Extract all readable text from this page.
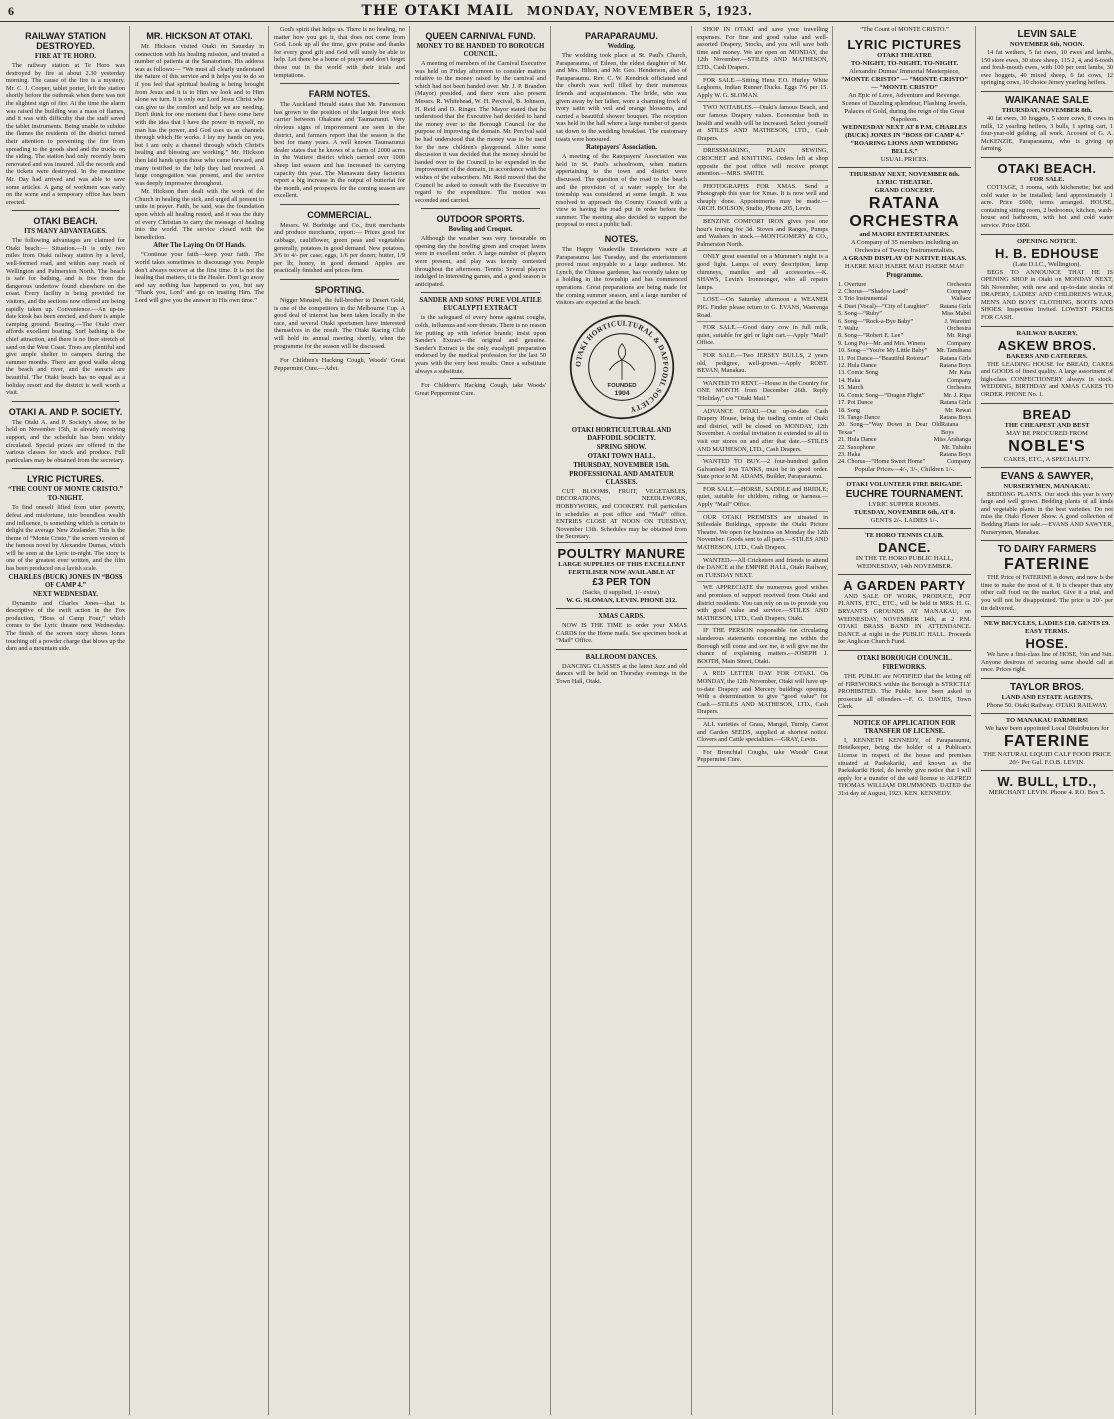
6	THE OTAKI MAIL MONDAY, NOVEMBER 5, 1923.
RAILWAY STATION DESTROYED.
FIRE AT TE HORO.

The railway station at Te Horo was destroyed by fire at about 2.30 yesterday morning. The cause of the fire is a mystery. Mr. C. J. Cooper, tablet porter, left the station shortly before the outbreak when there was not the slightest sign of fire. At the time the alarm was raised the building was a mass of flames, and it was with difficulty that the staff saved the tablet instruments. Being unable to subdue the flames the residents of the district turned their attention to preventing the fire from spreading to the goods shed and the trucks on the siding. The station had only recently been renovated and was insured. All the records and the tickets were destroyed. In the meantime Mr. Day had arrived and was able to save some articles. A gang of workmen was early on the scene and a temporary office has been erected.

OTAKI BEACH.
ITS MANY ADVANTAGES.

The following advantages are claimed for Otaki beach:— Situation.—It is only two miles from Otaki railway station by a level, well-formed road, and within easy reach of Wellington and Palmerston North. The beach is safe for bathing, and is free from the dangerous undertow found elsewhere on the coast. Every facility is being provided for visitors, and the sections now offered are being rapidly taken up. Convenience.—An up-to-date kiosk has been erected, and there is ample camping ground. Boating.—The Otaki river affords excellent boating. Surf bathing is the chief attraction, and there is no finer stretch of sand on the West Coast. Trees are plentiful and give ample shelter to campers during the summer months. There are good walks along the beach and river, and the sunsets are beautiful. The Otaki beach has no equal as a holiday resort and the district is well worth a visit.

OTAKI A. AND P. SOCIETY.

The Otaki A. and P. Society's show, to be held on November 15th, is already receiving support, and the schedule has been widely circulated. Special prizes are offered in the various classes for stock and produce. Full particulars may be obtained from the secretary.

LYRIC PICTURES.
“THE COUNT OF MONTE CRISTO.”
TO-NIGHT.

To find oneself lifted from utter poverty, defeat and misfortune, into boundless wealth and influence, is something which is certain to delight the average New Zealander. This is the theme of “Monte Cristo,” the screen version of the famous novel by Alexandre Dumas, which will be seen at the Lyric to-night. The story is one of the greatest ever written, and the film has been produced on a lavish scale.

CHARLES (BUCK) JONES IN “BOSS OF CAMP 4.”
NEXT WEDNESDAY.

Dynamite and Charles Jones—that is descriptive of the swift action in the Fox production, “Boss of Camp Four,” which comes to the Lyric theatre next Wednesday. The finish of the screen story shows Jones touching off a powder charge that blows up the dam and a mountain side.

MR. HICKSON AT OTAKI.

Mr. Hickson visited Otaki on Saturday in connection with his healing mission, and treated a number of patients at the Sanatorium. His address was as follows:— “We must all clearly understand the nature of this service and it helps you to do so if you feel that spiritual healing is being brought from Jesus and it is to Him we look and to Him alone we turn. It is only our Lord Jesus Christ who can give us the comfort and help we are needing. Don't think for one moment that I have come here with the idea that I have the power in myself, no man has the power, and God uses us as channels through which He works. I lay my hands on you, but I am only a channel through which Christ's healing and blessing are working.” Mr. Hickson then laid hands upon those who came forward, and many testified to the help they had received. A large congregation was present, and the service was deeply impressive throughout.

Mr. Hickson then dealt with the work of the Church in healing the sick, and urged all present to unite in prayer. Faith, he said, was the foundation upon which all healing rested, and it was the duty of every Christian to carry the message of healing into the world. The service closed with the benediction.

After The Laying On Of Hands.

“Continue your faith—keep your faith. The world takes sometimes to discourage you. People don't always recover at the first time. It is not the healing that matters, it is the Healer. Don't go away and say nothing has happened to you, but say ‘Thank you, Lord’ and go on trusting Him. The Lord will give you the answer in His own time.”

God's spirit that helps us. There is no healing, no matter how you get it, that does not come from God. Look up all the time, give praise and thanks for every good gift and God will surely be able to help. Let there be a home of prayer and don't forget those out in the world with their trials and temptations.

FARM NOTES.

The Auckland Herald states that Mr. Parsonson has grown to the position of the largest live stock carrier between Ohakune and Taumarunui. Very obvious signs of improvement are seen in the district, and farmers report that the season is the best for many years. A well known Taumarunui dealer states that he knows of a farm of 2000 acres in the Waitere district which carried over 1000 sheep last season and has increased its carrying capacity this year. The Manawatu dairy factories report a big increase in the output of butterfat for the month, and prospects for the coming season are excellent.

COMMERCIAL.

Messrs. W. Burbidge and Co., fruit merchants and produce merchants, report:— Prices good for cabbage, cauliflower, green peas and vegetables generally, potatoes in good demand. New potatoes, 3/6 to 4/- per case; eggs, 1/6 per dozen; butter, 1/9 per lb; honey, in good demand. Apples are practically finished and prices firm.

SPORTING.

Nigger Minstrel, the full-brother to Desert Gold, is one of the competitors in the Melbourne Cup. A good deal of interest has been taken locally in the race, and several Otaki sportsmen have interested themselves in the result. The Otaki Racing Club will hold its annual meeting shortly, when the programme for the season will be discussed.

For Children's Hacking Cough, Woods' Great Peppermint Cure.—Advt.

QUEEN CARNIVAL FUND.
MONEY TO BE HANDED TO BOROUGH COUNCIL.

A meeting of members of the Carnival Executive was held on Friday afternoon to consider matters relative to the money raised by the carnival and which had not been handed over. Mr. J. P. Brandon (Mayor) presided, and there were also present Messrs. R. Whitehead, W. H. Percival, B. Johnson, H. Reid and D. Ringer. The Mayor stated that he understood that the Executive had decided to hand the money over to the Borough Council for the purpose of improving the domain. Mr. Percival said he had understood that the money was to be used for the new children's playground. After some discussion it was decided that the money should be handed over to the Council to be expended in the improvement of the domain, in accordance with the wishes of the subscribers. Mr. Reid moved that the Council be asked to consult with the Executive in regard to the expenditure. The motion was seconded and carried.

OUTDOOR SPORTS.
Bowling and Croquet.

Although the weather was very favourable on opening day the bowling green and croquet lawns were in excellent order. A large number of players were present, and play was keenly contested throughout the afternoon. Tennis: Several players indulged in interesting games, and a good season is anticipated.

SANDER AND SONS' PURE VOLATILE EUCALYPTI EXTRACT

is the safeguard of every home against coughs, colds, influenza and sore throats. There is no reason for putting up with inferior brands; insist upon Sander's Extract—the original and genuine. Sander's Extract is the only eucalypti preparation endorsed by the medical profession for the last 50 years with the very best results. Once a substitute always a substitute.

For Children's Hacking Cough, take Woods' Great Peppermint Cure.

PARAPARAUMU.
Wedding.

The wedding took place at St. Paul's Church, Paraparaumu, of Eileen, the eldest daughter of Mr. and Mrs. Hilton, and Mr. Geo. Henderson, also of Paraparaumu. Rev. C. W. Kendrick officiated and the church was well filled by their numerous friends and acquaintances. The bride, who was given away by her father, wore a charming frock of ivory satin with veil and orange blossoms, and carried a beautiful shower bouquet. The reception was held in the hall where a large number of guests sat down to the wedding breakfast. The customary toasts were honoured.

Ratepayers' Association.

A meeting of the Ratepayers' Association was held in St. Paul's schoolroom, when matters appertaining to the town and district were discussed. The question of the road to the beach and the provision of a water supply for the township was considered at some length. It was resolved to approach the County Council with a view to having the road put in order before the summer. The meeting also decided to support the proposal to erect a public hall.

NOTES.

The Happy Vaudeville Entertainers were at Paraparaumu last Tuesday, and the entertainment proved most enjoyable to a large audience. Mr. Lynch, the Chinese gardener, has recently taken up a holding in the township and has commenced operations. Great preparations are being made for the coming summer season, and a large number of visitors are expected at the beach.

OTAKI HORTICULTURAL & DAFFODIL SOCIETY
FOUNDED
1904
OTAKI HORTICULTURAL AND DAFFODIL SOCIETY.
SPRING SHOW.
OTAKI TOWN HALL.
THURSDAY, NOVEMBER 15th.
PROFESSIONAL AND AMATEUR CLASSES.

CUT BLOOMS, FRUIT, VEGETABLES, DECORATIONS, NEEDLEWORK, HOBBYWORK, and COOKERY. Full particulars in schedules at post office and “Mail” office. ENTRIES CLOSE AT NOON ON TUESDAY, November 13th. Schedules may be obtained from the Secretary.

POULTRY MANURE
LARGE SUPPLIES OF THIS EXCELLENT FERTILISER NOW AVAILABLE AT
£3 PER TON
(Sacks, if supplied, 1/- extra).
W. G. SLOMAN, LEVIN. PHONE 212.
XMAS CARDS.

NOW IS THE TIME to order your XMAS CARDS for the Home mails. See specimen book at “Mail” Office.

BALLROOM DANCES.

DANCING CLASSES at the latest Jazz and old dances will be held on Thursday evenings in the Town Hall, Otaki.

SHOP IN OTAKI and save your travelling expenses. For fine and good value and well-assorted Drapery, Stocks, and you will save both time and money. We are open on MONDAY, the 12th November.—STILES AND MATHESON, LTD., Cash Drapers.

FOR SALE.—Sitting Hens F.O. Hurley White Leghorns, Indian Runner Ducks. Eggs 7/6 per 15. Apply W. G. SLOMAN.

TWO NOTABLES.—Otaki's famous Beach, and our famous Drapery values. Economise both in health and wealth will be increased. Select yourself at STILES AND MATHESON, LTD., Cash Drapers.

DRESSMAKING, PLAIN SEWING, CROCHET and KNITTING. Orders left at shop opposite the post office will receive prompt attention.—MRS. SMITH.

PHOTOGRAPHS FOR XMAS. Send a Photograph this year for Xmas. It is now well and cheaply done. Appointments may be made.—ARCH. BOLSON, Studio, Phone 205, Levin.

BENZINE COMFORT IRON gives you one hour's ironing for 3d. Stoves and Ranges, Pumps and Washers in stock.—MONTGOMERY & CO., Palmerston North.

ONLY great essential on a Mummer's night is a good light. Lamps of every description, lamp chimneys, mantles and all accessories.—K. SHAWS, Levin's Ironmonger, who all repairs lamps.

LOST.—On Saturday afternoon a WEANER PIG. Finder please return to G. EVANS, Waerenga Road.

FOR SALE.—Good dairy cow in full milk, quiet, suitable for girl or light cart.—Apply “Mail” Office.

FOR SALE.—Two JERSEY BULLS, 2 years old, pedigree, well-grown.—Apply ROBT. BEVAN, Manakau.

WANTED TO RENT.—House in the Country for ONE MONTH from December 26th. Reply “Holiday,” c/o “Otaki Mail.”

ADVANCE OTAKI.—Our up-to-date Cash Drapery House, being the trading centre of Otaki and district, will be closed on MONDAY, 12th November. A cordial invitation is extended to all to visit our stores on and after that date.—STILES AND MATHESON, LTD., Cash Drapers.

WANTED TO BUY.—2 four-hundred gallon Galvanised iron TANKS, must be in good order. State price to M. ADAMS, Builder, Paraparaumu.

FOR SALE.—HORSE, SADDLE and BRIDLE; quiet, suitable for children, riding, or harness.—Apply “Mail” Office.

OUR OTAKI PREMISES are situated in Stilesdale Buildings, opposite the Otaki Picture Theatre. We open for business on Monday the 12th November. Goods sent to all parts.—STILES AND MATHESON, LTD., Cash Drapers.

WANTED.—All Cricketers and friends to attend the DANCE at the EMPIRE HALL, Otaki Railway, on TUESDAY NEXT.

WE APPRECIATE the numerous good wishes and promises of support received from Otaki and district residents. You can rely on us to provide you with good value and service.—STILES AND MATHESON, LTD., Cash Drapers, Otaki.

IF THE PERSON responsible for circulating slanderous statements concerning me within the Borough will come and see me, it will give me the chance of explaining matters.—JOSEPH J. BOOTH, Main Street, Otaki.

A RED LETTER DAY FOR OTAKI. On MONDAY, the 12th November, Otaki will have up-to-date Drapery and Mercery buildings opening. With a determination to give “good value” for Cash.—STILES AND MATHESON, LTD., Cash Drapers.

ALL varieties of Grass, Mangel, Turnip, Carrot and Garden SEEDS, supplied at shortest notice. Clovers and Cattle specialities.—GRAY, Levin.

For Bronchial Coughs, take Woods' Great Peppermint Cure.

“The Count of MONTE CRISTO.”
LYRIC PICTURES
OTAKI THEATRE
TO-NIGHT, TO-NIGHT, TO-NIGHT.
Alexandre Dumas' Immortal Masterpiece,
“MONTE CRISTO” — “MONTE CRISTO” — “MONTE CRISTO”
An Epic of Love, Adventure and Revenge.
Scenes of Dazzling splendour, Flashing Jewels, Palaces of Gold, during the reign of the Great Napoleon.
WEDNESDAY NEXT AT 8 P.M. CHARLES (BUCK) JONES IN “BOSS OF CAMP 4.”
“ROARING LIONS AND WEDDING BELLS.”
USUAL PRICES.
THURSDAY NEXT, NOVEMBER 8th.
LYRIC THEATRE.
GRAND CONCERT.
RATANA ORCHESTRA
and MAORI ENTERTAINERS.
A Company of 35 members including an Orchestra of Twenty Instrumentalists.
A GRAND DISPLAY OF NATIVE HAKAS.
HAERE MAI! HAERE MAI! HAERE MAI!
Programme.
1. Overture	Orchestra
2. Chorus—“Shadow Land”	Company
3. Trio Instrumental	Wallace
4. Duet (Vocal)—“City of Laughter” Ratana Girls
5. Song—“Ruby”	Miss Mabel
6. Song—“Rock-a-Bye Baby”	J. Waretini
7. Waltz	Orchestra
8. Song—“Robert E. Lee”	Mr. Ringi
9. Long Poi—Mr. and Mrs. Winera	Company
10. Song—“You're My Little Baby” Mr. Tamihana
11. Poi Dance—“Beautiful Rotorua” Ratana Girls
12. Hula Dance	Ratana Boys
13. Comic Song	Mr. Kata
14. Haka	Company
15. March	Orchestra
16. Comic Song—“Dragon Flight”	Mr. J. Ripa
17. Poi Dance	Ratana Girls
18. Song	Mr. Rewai
19. Tango Dance	Ratana Boys
20. Song—“Way Down in Dear Old Texas”
Ratana Boys
21. Hula Dance	Miss Arahanga
22. Saxophone	Mr. Tuhuhu
23. Haka	Ratana Boys
24. Chorus—“Home Sweet Home”	Company
Popular Prices—4/-, 3/-, Children 1/-.
OTAKI VOLUNTEER FIRE BRIGADE.
EUCHRE TOURNAMENT.
LYRIC SUPPER ROOMS.
TUESDAY, NOVEMBER 6th, AT 8.
GENTS 2/-. LADIES 1/-.
TE HORO TENNIS CLUB.
DANCE.
IN THE TE HORO PUBLIC HALL, WEDNESDAY, 14th NOVEMBER.
A GARDEN PARTY

AND SALE OF WORK, PRODUCE, POT PLANTS, ETC., ETC., will be held in MRS. H. G. BRYANT'S GROUNDS AT MANAKAU, on WEDNESDAY, NOVEMBER 14th, at 2 P.M. OTAKI BRASS BAND IN ATTENDANCE. DANCE at night in the PUBLIC HALL. Proceeds for Anglican Church Fund.

OTAKI BOROUGH COUNCIL.
FIREWORKS.

THE PUBLIC are NOTIFIED that the letting off of FIREWORKS within the Borough is STRICTLY PROHIBITED. The Public have been asked to prosecute all offenders.—F. G. DAVIES, Town Clerk.

NOTICE OF APPLICATION FOR TRANSFER OF LICENSE.

I, KENNETH KENNEDY, of Paraparaumu, Hotelkeeper, being the holder of a Publican's License in respect of the house and premises situated at Paekakariki, and known as the Paekakariki Hotel, do hereby give notice that I will apply for a transfer of the said license to ALFRED THOMAS WILLIAM DRUMMOND. DATED the 31st day of August, 1923. KEN. KENNEDY.

LEVIN SALE
NOVEMBER 6th, NOON.

14 fat wethers, 5 fat ewes, 10 ewes and lambs, 150 store ewes, 30 store sheep, 115 2, 4, and 6-tooth and fresh-mouth ewes, with 100 per cent lambs, 30 ewe hoggets, 40 mixed sheep, 6 fat cows, 12 springing cows, 10 choice Jersey yearling heifers.

WAIKANAE SALE
THURSDAY, NOVEMBER 8th.

40 fat ewes, 30 hoggets, 5 store cows, 8 cows in milk, 12 yearling heifers, 3 bulls, 1 spring cart, 1 four-year-old gelding, all work. Account of G. A. McKENZIE, Paraparaumu, who is giving up farming.

OTAKI BEACH.
FOR SALE.

COTTAGE, 3 rooms, with kitchenette; hot and cold water to be installed; land approximately 1 acre. Price £600, terms arranged. HOUSE, containing sitting room, 2 bedrooms, kitchen, wash-house and bathroom, with hot and cold water service. Price £850.

OPENING NOTICE.
H. B. EDHOUSE
(Late D.I.C., Wellington).

BEGS TO ANNOUNCE THAT HE IS OPENING SHOP in Otaki on MONDAY NEXT, 5th November, with new and up-to-date stocks of DRAPERY, LADIES' AND CHILDREN'S WEAR, MEN'S AND BOYS' CLOTHING, BOOTS AND SHOES. Inspection Invited. LOWEST PRICES FOR CASH.

RAILWAY BAKERY,
ASKEW BROS.
BAKERS AND CATERERS.

THE LEADING HOUSE for BREAD, CAKES and GOODS of finest quality. A large assortment of high-class CONFECTIONERY always in stock. WEDDING, BIRTHDAY and XMAS CAKES TO ORDER. PHONE No. 1.

BREAD
THE CHEAPEST AND BEST
MAY BE PROCURED FROM
NOBLE'S
CAKES, ETC., A SPECIALITY.
EVANS & SAWYER,
NURSERYMEN, MANAKAU.

BEDDING PLANTS. Our stock this year is very large and well grown. Bedding plants of all kinds and vegetable plants in the best varieties. Do not miss the Otaki Flower Show. A good collection of Bedding Plants for sale.—EVANS AND SAWYER, Nurserymen, Manakau.

TO DAIRY FARMERS
FATERINE

THE Price of FATERINE is down, and now is the time to make the most of it. It is cheaper than any other calf food on the market. Give it a trial, and you will not be disappointed. The price is 20/- per tin delivered.

NEW BICYCLES, LADIES £10. GENTS £9. EASY TERMS.
HOSE.

We have a first-class line of HOSE, ½in and ⅝in. Anyone desirous of securing same should call at once. Prices right.

TAYLOR BROS.
LAND AND ESTATE AGENTS,
Phone 50. Otaki Railway. OTAKI RAILWAY.
TO MANAKAU FARMERS!
We have been appointed Local Distributors for
FATERINE
THE NATURAL LIQUID CALF FOOD PRICE 20/- Per Gal. F.O.B. LEVIN.
W. BULL, LTD.,
MERCHANT LEVIN. Phone 4. P.O. Box 5.
